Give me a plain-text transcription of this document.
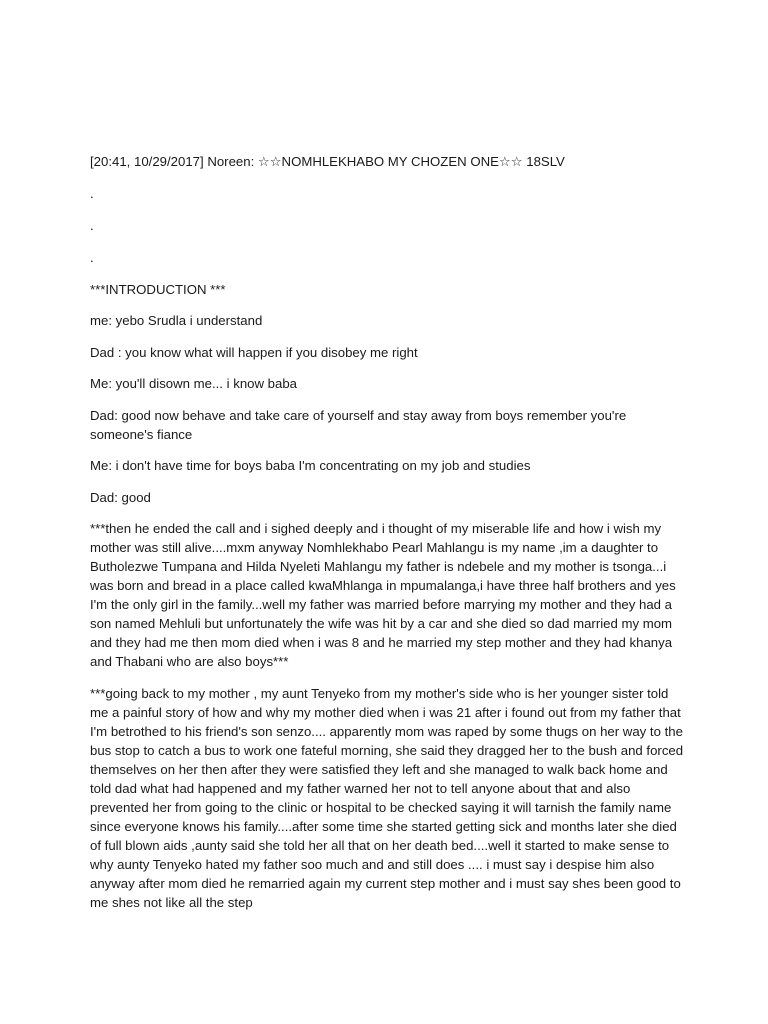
[20:41, 10/29/2017] Noreen: ☆☆NOMHLEKHABO MY CHOZEN ONE☆☆ 18SLV

.

.

.

***INTRODUCTION ***

me: yebo Srudla i understand

Dad : you know what will happen if you disobey me right

Me: you'll disown me... i know baba

Dad: good now behave and take care of yourself and stay away from boys remember you're someone's fiance

Me: i don't have time for boys baba I'm concentrating on my job and studies

Dad: good

***then he ended the call and i sighed deeply and i thought of my miserable life and how i wish my mother was still alive....mxm anyway Nomhlekhabo Pearl Mahlangu is my name ,im a daughter to Butholezwe Tumpana and Hilda Nyeleti Mahlangu my father is ndebele and my mother is tsonga...i was born and bread in a place called kwaMhlanga in mpumalanga,i have three half brothers and yes I'm the only girl in the family...well my father was married before marrying my mother and they had a son named Mehluli but unfortunately the wife was hit by a car and she died so dad married my mom and they had me then mom died when i was 8 and he married my step mother and they had khanya and Thabani who are also boys***

***going back to my mother , my aunt Tenyeko from my mother's side who is her younger sister told me a painful story of how and why my mother died when i was 21 after i found out from my father that I'm betrothed to his friend's son senzo.... apparently mom was raped by some thugs on her way to the bus stop to catch a bus to work one fateful morning, she said they dragged her to the bush and forced themselves on her then after they were satisfied they left and she managed to walk back home and told dad what had happened and my father warned her not to tell anyone about that and also prevented her from going to the clinic or hospital to be checked saying it will tarnish the family name since everyone knows his family....after some time she started getting sick and months later she died of full blown aids ,aunty said she told her all that on her death bed....well it started to make sense to why aunty Tenyeko hated my father soo much and and still does .... i must say i despise him also anyway after mom died he remarried again my current step mother and i must say shes been good to me shes not like all the step
